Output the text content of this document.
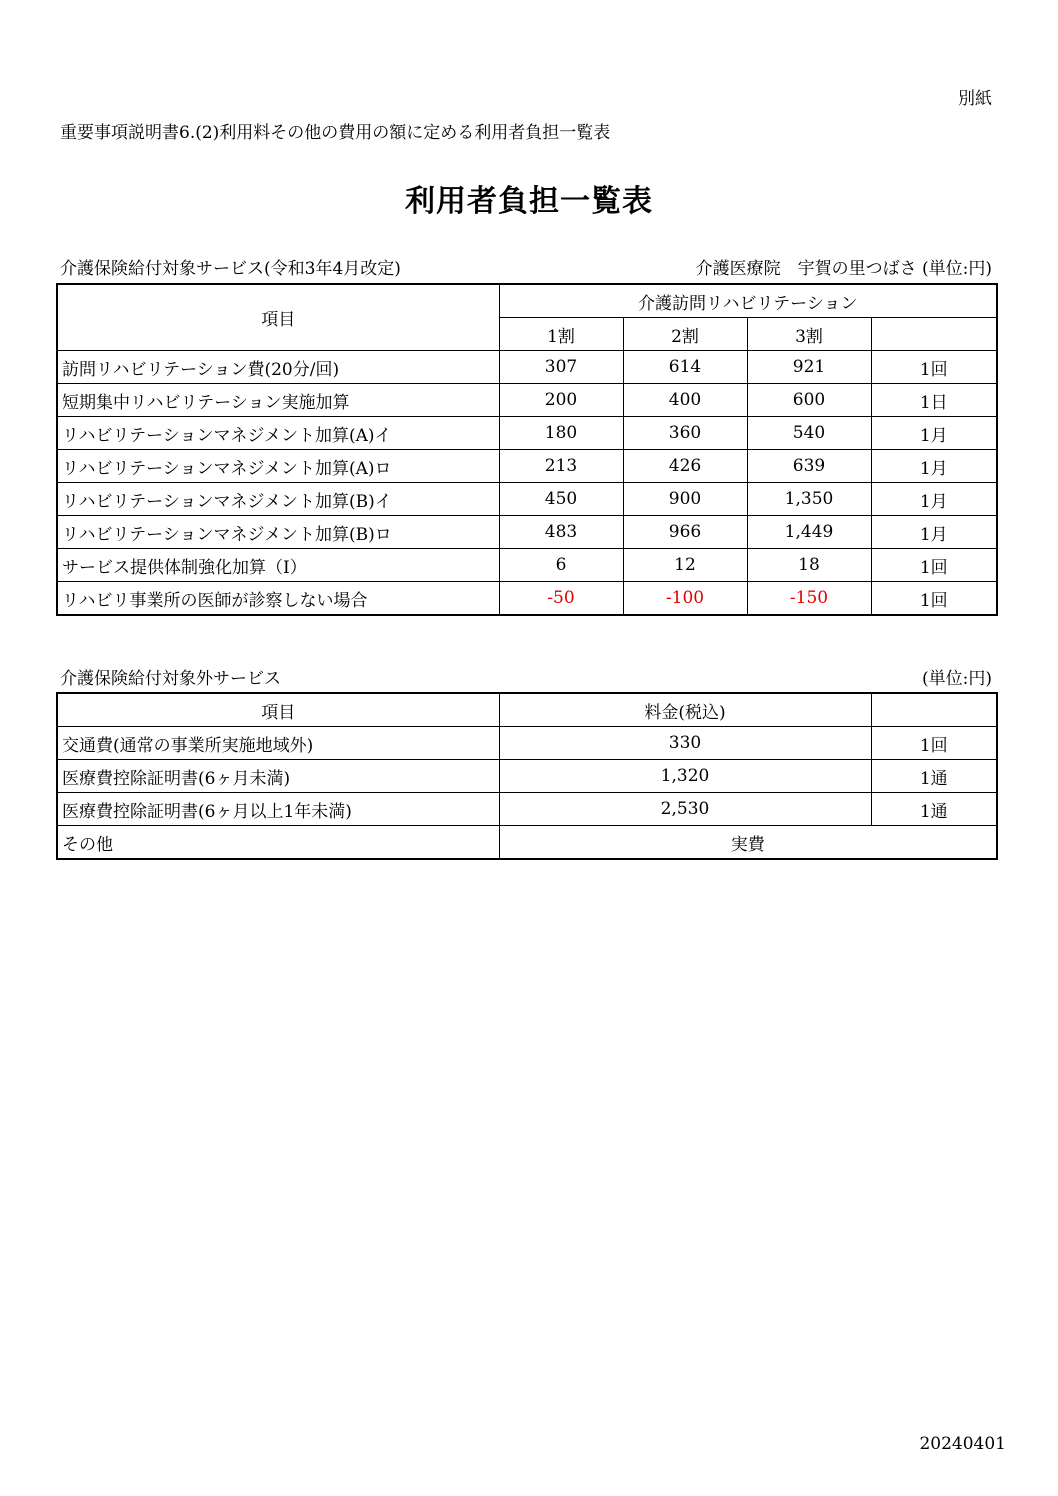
別紙
重要事項説明書6.(2)利用料その他の費用の額に定める利用者負担一覧表
利用者負担一覧表
介護保険給付対象サービス(令和3年4月改定)	介護医療院　宇賀の里つばさ (単位:円)
項目	介護訪問リハビリテーション			
	1割	2割	3割	
訪問リハビリテーション費(20分/回)	307	614	921	1回
短期集中リハビリテーション実施加算	200	400	600	1日
リハビリテーションマネジメント加算(A)イ	180	360	540	1月
リハビリテーションマネジメント加算(A)ロ	213	426	639	1月
リハビリテーションマネジメント加算(B)イ	450	900	1,350	1月
リハビリテーションマネジメント加算(B)ロ	483	966	1,449	1月
サービス提供体制強化加算（Ⅰ）	6	12	18	1回
リハビリ事業所の医師が診察しない場合	-50	-100	-150	1回
介護保険給付対象外サービス	(単位:円)
項目	料金(税込)	
交通費(通常の事業所実施地域外)	330	1回
医療費控除証明書(6ヶ月未満)	1,320	1通
医療費控除証明書(6ヶ月以上1年未満)	2,530	1通
その他	実費	
20240401
